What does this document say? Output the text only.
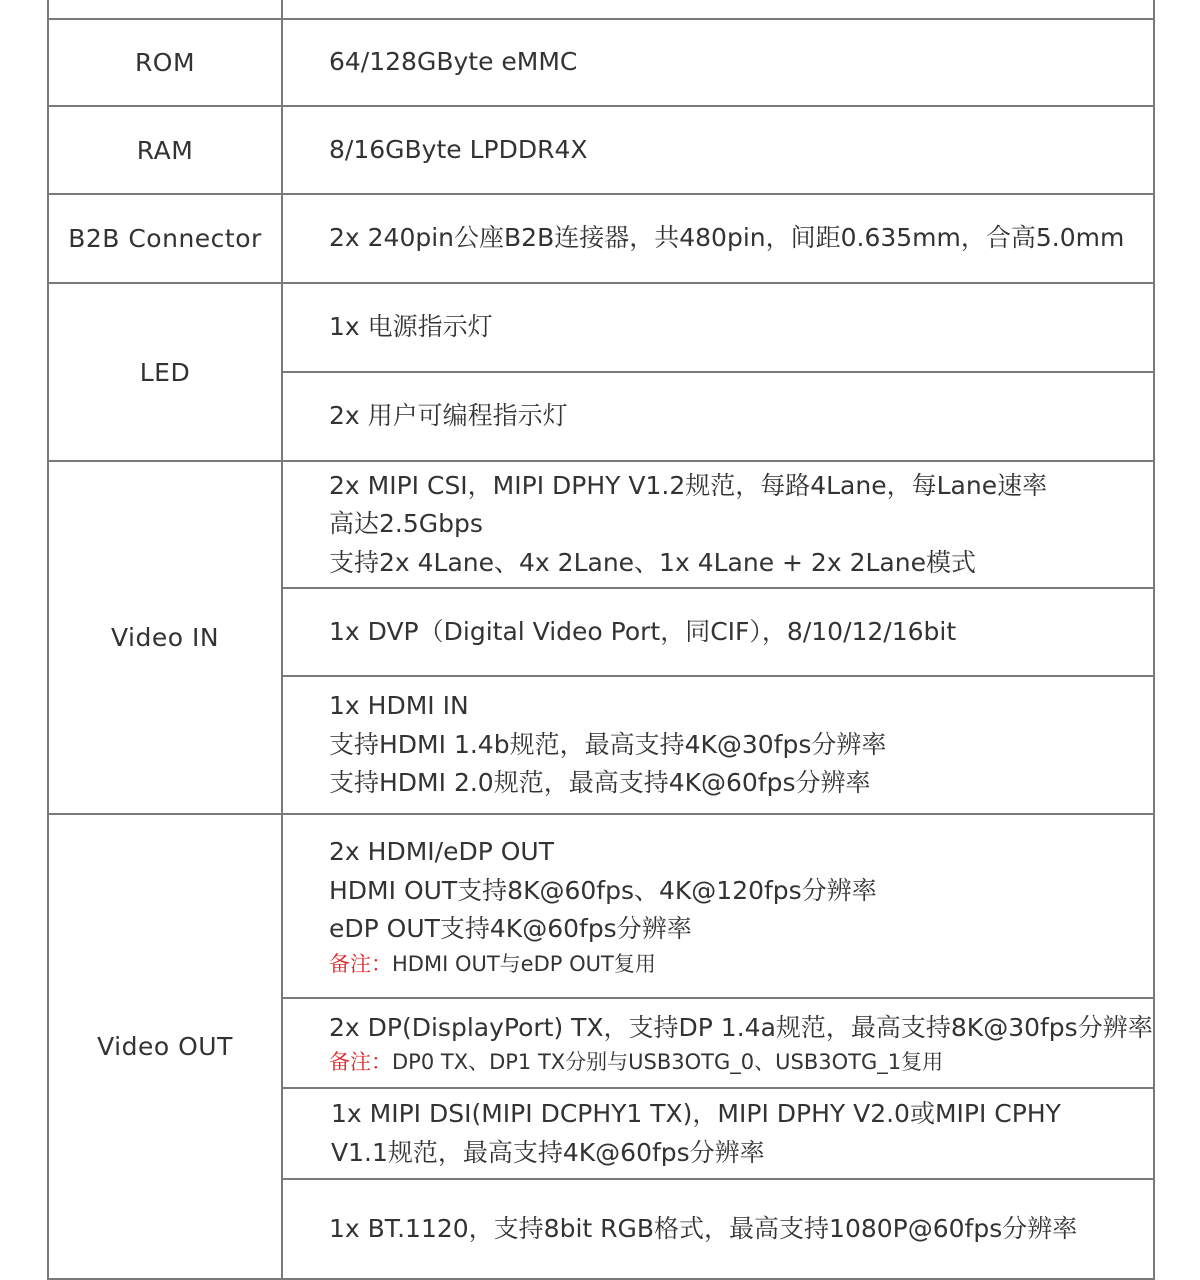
ROM	64/128GByte eMMC
RAM	8/16GByte LPDDR4X
B2B Connector	2x 240pin公座B2B连接器，共480pin，间距0.635mm，合高5.0mm
LED	1x 电源指示灯
	2x 用户可编程指示灯
Video IN	2x MIPI CSI，MIPI DPHY V1.2规范，每路4Lane，每Lane速率
高达2.5Gbps
支持2x 4Lane、4x 2Lane、1x 4Lane + 2x 2Lane模式

	1x DVP（Digital Video Port，同CIF），8/10/12/16bit

	1x HDMI IN
支持HDMI 1.4b规范，最高支持4K@30fps分辨率
支持HDMI 2.0规范，最高支持4K@60fps分辨率

Video OUT	2x HDMI/eDP OUT
HDMI OUT支持8K@60fps、4K@120fps分辨率
eDP OUT支持4K@60fps分辨率
备注：HDMI OUT与eDP OUT复用

	2x DP(DisplayPort) TX，支持DP 1.4a规范，最高支持8K@30fps分辨率
备注：DP0 TX、DP1 TX分别与USB3OTG_0、USB3OTG_1复用

	1x MIPI DSI(MIPI DCPHY1 TX)，MIPI DPHY V2.0或MIPI CPHY
V1.1规范，最高支持4K@60fps分辨率

	1x BT.1120，支持8bit RGB格式，最高支持1080P@60fps分辨率
